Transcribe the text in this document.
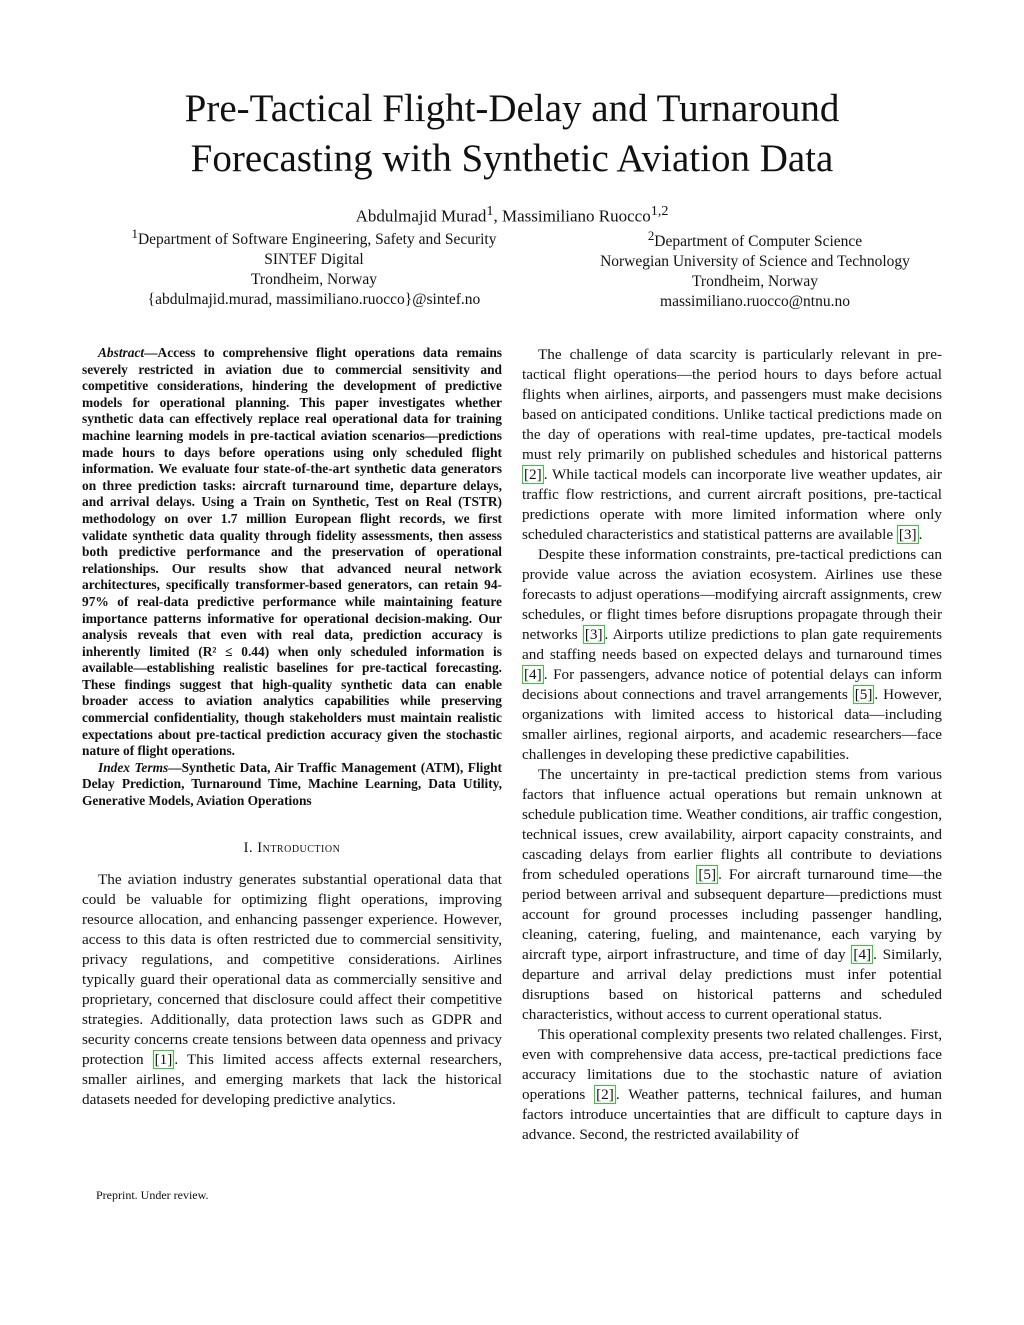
Pre-Tactical Flight-Delay and Turnaround
Forecasting with Synthetic Aviation Data
Abdulmajid Murad$^1$, Massimiliano Ruocco$^{1,2}$
$^1$Department of Software Engineering, Safety and Security
SINTEF Digital
Trondheim, Norway
{abdulmajid.murad, massimiliano.ruocco}@sintef.no
$^2$Department of Computer Science
Norwegian University of Science and Technology
Trondheim, Norway
massimiliano.ruocco@ntnu.no

Abstract—Access to comprehensive flight operations data remains severely restricted in aviation due to commercial sensitivity and competitive considerations, hindering the development of predictive models for operational planning. This paper investigates whether synthetic data can effectively replace real operational data for training machine learning models in pre-tactical aviation scenarios—predictions made hours to days before operations using only scheduled flight information. We evaluate four state-of-the-art synthetic data generators on three prediction tasks: aircraft turnaround time, departure delays, and arrival delays. Using a Train on Synthetic, Test on Real (TSTR) methodology on over 1.7 million European flight records, we first validate synthetic data quality through fidelity assessments, then assess both predictive performance and the preservation of operational relationships. Our results show that advanced neural network architectures, specifically transformer-based generators, can retain 94-97% of real-data predictive performance while maintaining feature importance patterns informative for operational decision-making. Our analysis reveals that even with real data, prediction accuracy is inherently limited (R² ≤ 0.44) when only scheduled information is available—establishing realistic baselines for pre-tactical forecasting. These findings suggest that high-quality synthetic data can enable broader access to aviation analytics capabilities while preserving commercial confidentiality, though stakeholders must maintain realistic expectations about pre-tactical prediction accuracy given the stochastic nature of flight operations.

Index Terms—Synthetic Data, Air Traffic Management (ATM), Flight Delay Prediction, Turnaround Time, Machine Learning, Data Utility, Generative Models, Aviation Operations

I. Introduction

The aviation industry generates substantial operational data that could be valuable for optimizing flight operations, improving resource allocation, and enhancing passenger experience. However, access to this data is often restricted due to commercial sensitivity, privacy regulations, and competitive considerations. Airlines typically guard their operational data as commercially sensitive and proprietary, concerned that disclosure could affect their competitive strategies. Additionally, data protection laws such as GDPR and security concerns create tensions between data openness and privacy protection [1] . This limited access affects external researchers, smaller airlines, and emerging markets that lack the historical datasets needed for developing predictive analytics.

The challenge of data scarcity is particularly relevant in pre-tactical flight operations—the period hours to days before actual flights when airlines, airports, and passengers must make decisions based on anticipated conditions. Unlike tactical predictions made on the day of operations with real-time updates, pre-tactical models must rely primarily on published schedules and historical patterns [2] . While tactical models can incorporate live weather updates, air traffic flow restrictions, and current aircraft positions, pre-tactical predictions operate with more limited information where only scheduled characteristics and statistical patterns are available [3] .

Despite these information constraints, pre-tactical predictions can provide value across the aviation ecosystem. Airlines use these forecasts to adjust operations—modifying aircraft assignments, crew schedules, or flight times before disruptions propagate through their networks [3] . Airports utilize predictions to plan gate requirements and staffing needs based on expected delays and turnaround times [4] . For passengers, advance notice of potential delays can inform decisions about connections and travel arrangements [5] . However, organizations with limited access to historical data—including smaller airlines, regional airports, and academic researchers—face challenges in developing these predictive capabilities.

The uncertainty in pre-tactical prediction stems from various factors that influence actual operations but remain unknown at schedule publication time. Weather conditions, air traffic congestion, technical issues, crew availability, airport capacity constraints, and cascading delays from earlier flights all contribute to deviations from scheduled operations [5] . For aircraft turnaround time—the period between arrival and subsequent departure—predictions must account for ground processes including passenger handling, cleaning, catering, fueling, and maintenance, each varying by aircraft type, airport infrastructure, and time of day [4] . Similarly, departure and arrival delay predictions must infer potential disruptions based on historical patterns and scheduled characteristics, without access to current operational status.

This operational complexity presents two related challenges. First, even with comprehensive data access, pre-tactical predictions face accuracy limitations due to the stochastic nature of aviation operations [2] . Weather patterns, technical failures, and human factors introduce uncertainties that are difficult to capture days in advance. Second, the restricted availability of

Preprint. Under review.
